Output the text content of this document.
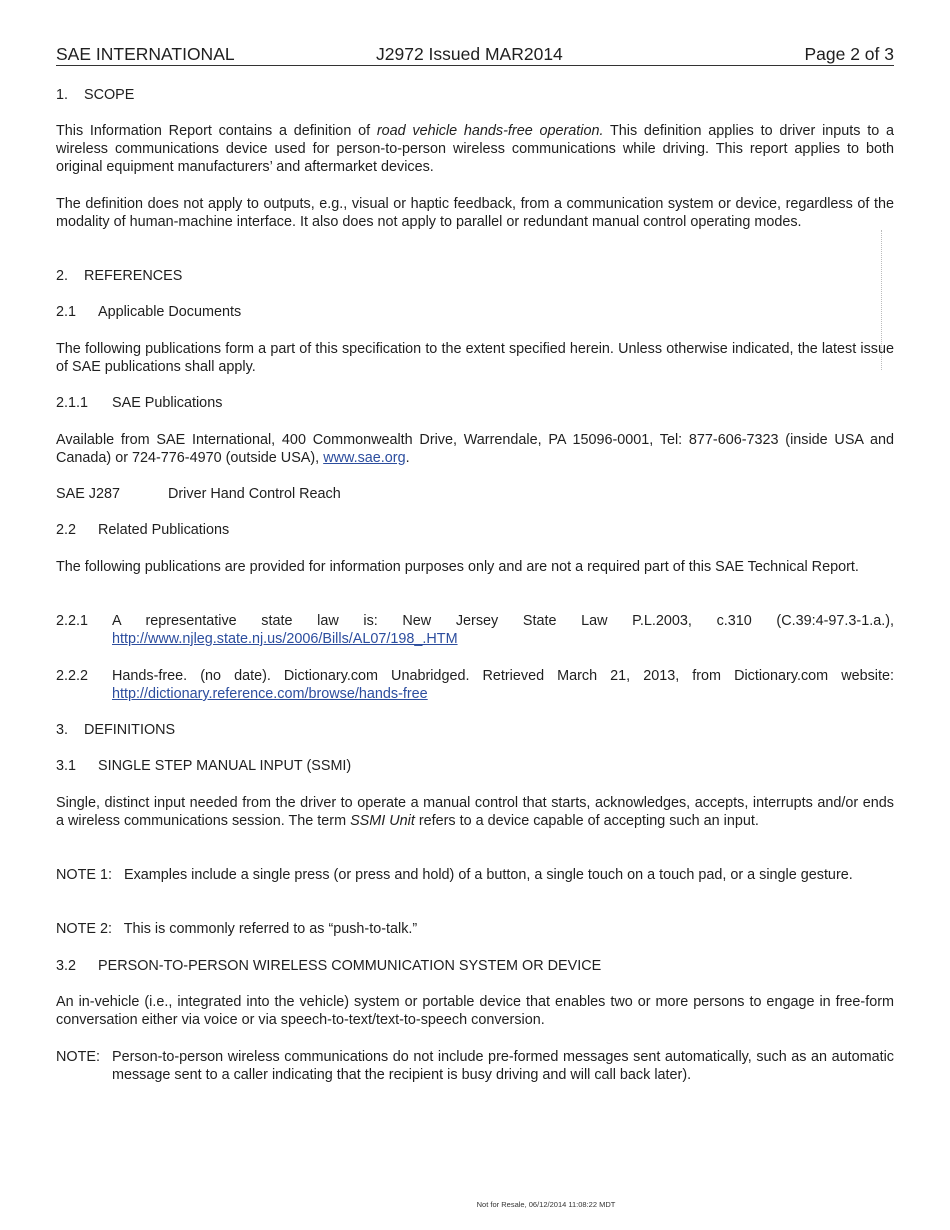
SAE INTERNATIONAL	J2972 Issued MAR2014	Page 2 of 3

1. SCOPE

This Information Report contains a definition of road vehicle hands-free operation. This definition applies to driver inputs to a wireless communications device used for person-to-person wireless communications while driving. This report applies to both original equipment manufacturers’ and aftermarket devices.

The definition does not apply to outputs, e.g., visual or haptic feedback, from a communication system or device, regardless of the modality of human-machine interface. It also does not apply to parallel or redundant manual control operating modes.

2. REFERENCES

2.1 Applicable Documents

The following publications form a part of this specification to the extent specified herein. Unless otherwise indicated, the latest issue of SAE publications shall apply.

2.1.1 SAE Publications

Available from SAE International, 400 Commonwealth Drive, Warrendale, PA 15096-0001, Tel: 877-606-7323 (inside USA and Canada) or 724-776-4970 (outside USA), www.sae.org.

SAE J287	Driver Hand Control Reach

2.2 Related Publications

The following publications are provided for information purposes only and are not a required part of this SAE Technical Report.

2.2.1 A representative state law is: New Jersey State Law P.L.2003, c.310 (C.39:4-97.3-1.a.),
http://www.njleg.state.nj.us/2006/Bills/AL07/198_.HTM
2.2.2 Hands-free. (no date). Dictionary.com Unabridged. Retrieved March 21, 2013, from Dictionary.com website:
http://dictionary.reference.com/browse/hands-free

3. DEFINITIONS

3.1 SINGLE STEP MANUAL INPUT (SSMI)

Single, distinct input needed from the driver to operate a manual control that starts, acknowledges, accepts, interrupts and/or ends a wireless communications session. The term SSMI Unit refers to a device capable of accepting such an input.

NOTE 1:   Examples include a single press (or press and hold) of a button, a single touch on a touch pad, or a single gesture.

NOTE 2:   This is commonly referred to as “push-to-talk.”

3.2 PERSON-TO-PERSON WIRELESS COMMUNICATION SYSTEM OR DEVICE

An in-vehicle (i.e., integrated into the vehicle) system or portable device that enables two or more persons to engage in free-form conversation either via voice or via speech-to-text/text-to-speech conversion.

NOTE: Person-to-person wireless communications do not include pre-formed messages sent automatically, such as an automatic message sent to a caller indicating that the recipient is busy driving and will call back later).
Not for Resale, 06/12/2014 11:08:22 MDT
